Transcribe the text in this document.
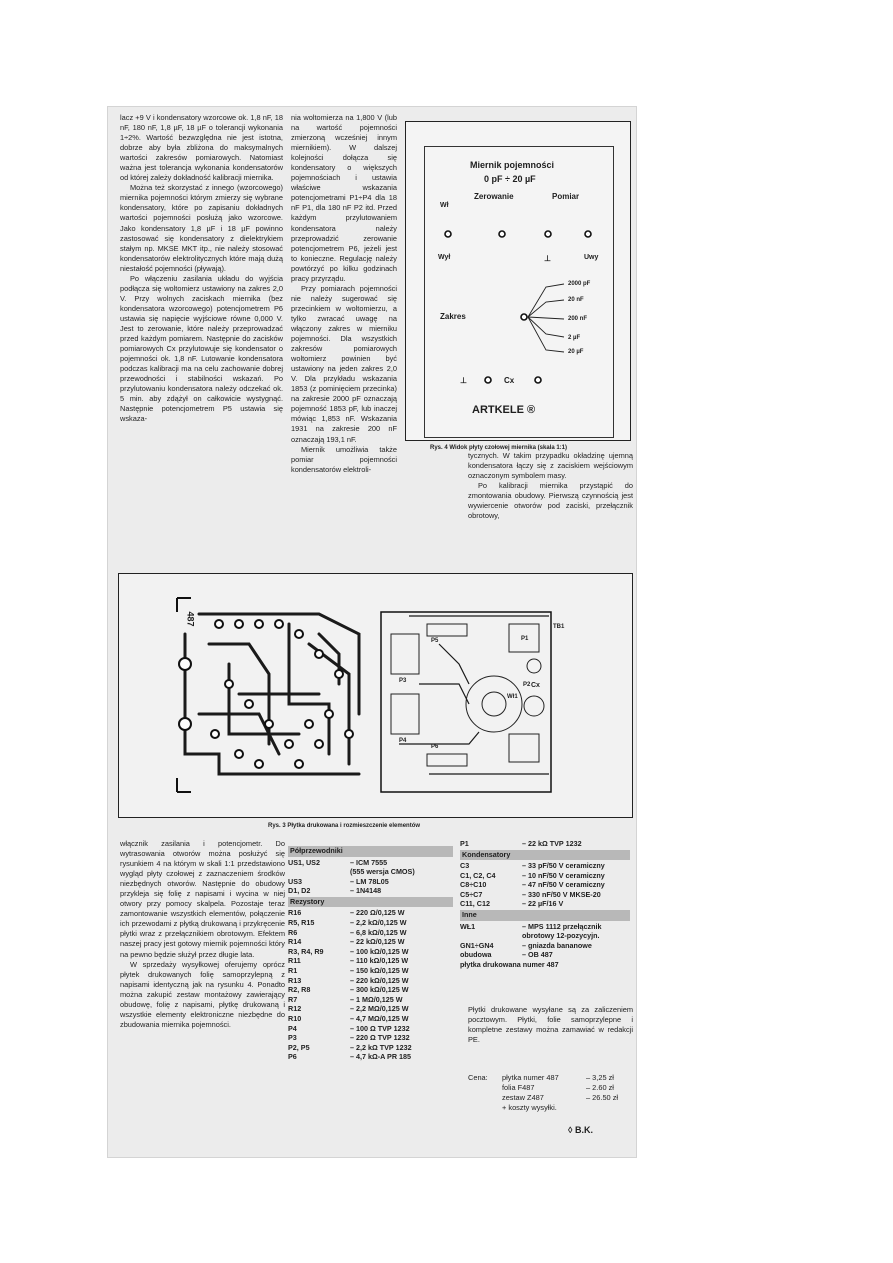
lacz +9 V i kondensatory wzorcowe ok. 1,8 nF, 18 nF, 180 nF, 1,8 µF, 18 µF o tolerancji wykonania 1÷2%. Wartość bezwzględna nie jest istotna, dobrze aby była zbliżona do maksymalnych wartości zakresów pomiarowych. Natomiast ważna jest tolerancja wykonania kondensatorów od której zależy dokładność kalibracji miernika.

Można też skorzystać z innego (wzorcowego) miernika pojemności którym zmierzy się wybrane kondensatory, które po zapisaniu dokładnych wartości pojemności posłużą jako wzorcowe. Jako kondensatory 1,8 µF i 18 µF powinno zastosować się kondensatory z dielektrykiem stałym np. MKSE MKT itp., nie należy stosować kondensatorów elektrolitycznych które mają dużą niestałość pojemności (pływają).

Po włączeniu zasilania układu do wyjścia podłącza się woltomierz ustawiony na zakres 2,0 V. Przy wolnych zaciskach miernika (bez kondensatora wzorcowego) potencjometrem P6 ustawia się napięcie wyjściowe równe 0,000 V. Jest to zerowanie, które należy przeprowadzać przed każdym pomiarem. Następnie do zacisków pomiarowych Cx przylutowuje się kondensator o pojemności ok. 1,8 nF. Lutowanie kondensatora podczas kalibracji ma na celu zachowanie dobrej przewodności i stabilności wskazań. Po przylutowaniu kondensatora należy odczekać ok. 5 min. aby zdążył on całkowicie wystygnąć. Następnie potencjometrem P5 ustawia się wskaza-

nia woltomierza na 1,800 V (lub na wartość pojemności zmierzoną wcześniej innym miernikiem). W dalszej kolejności dołącza się kondensatory o większych pojemnościach i ustawia właściwe wskazania potencjometrami P1÷P4 dla 18 nF P1, dla 180 nF P2 itd. Przed każdym przylutowaniem kondensatora należy przeprowadzić zerowanie potencjometrem P6, jeżeli jest to konieczne. Regulację należy powtórzyć po kilku godzinach pracy przyrządu.

Przy pomiarach pojemności nie należy sugerować się przecinkiem w woltomierzu, a tylko zwracać uwagę na włączony zakres w mierniku pojemności. Dla wszystkich zakresów pomiarowych woltomierz powinien być ustawiony na jeden zakres 2,0 V. Dla przykładu wskazania 1853 (z pominięciem przecinka) na zakresie 2000 pF oznaczają pojemność 1853 pF, lub inaczej mówiąc 1,853 nF. Wskazania 1931 na zakresie 200 nF oznaczają 193,1 nF.

Miernik umożliwia także pomiar pojemności kondensatorów elektroli-

Miernik pojemności
0 pF ÷ 20 µF
Zerowanie	Pomiar
Wł
Wył	⊥	Uwy
Zakres
2000 pF
20 nF
200 nF
2 µF
20 µF
⊥	Cx
ARTKELE ®
Rys. 4 Widok płyty czołowej miernika (skala 1:1)

tycznych. W takim przypadku okładzinę ujemną kondensatora łączy się z zaciskiem wejściowym oznaczonym symbolem masy.

Po kalibracji miernika przystąpić do zmontowania obudowy. Pierwszą czynnością jest wywiercenie otworów pod zaciski, przełącznik obrotowy,

487
P1
P2
P3
P4
P5
P6
Wł1
Cx
TB1
Rys. 3 Płytka drukowana i rozmieszczenie elementów

włącznik zasilania i potencjometr. Do wytrasowania otworów można posłużyć się rysunkiem 4 na którym w skali 1:1 przedstawiono wygląd płyty czołowej z zaznaczeniem środków niezbędnych otworów. Następnie do obudowy przykleja się folię z napisami i wycina w niej otwory przy pomocy skalpela. Pozostaje teraz zamontowanie wszystkich elementów, połączenie ich przewodami z płytką drukowaną i przykręcenie płytki wraz z przełącznikiem obrotowym. Efektem naszej pracy jest gotowy miernik pojemności który na pewno będzie służył przez długie lata.

W sprzedaży wysyłkowej oferujemy oprócz płytek drukowanych folię samoprzylepną z napisami identyczną jak na rysunku 4. Ponadto można zakupić zestaw montażowy zawierający obudowę, folię z napisami, płytkę drukowaną i wszystkie elementy elektroniczne niezbędne do zbudowania miernika pojemności.

Półprzewodniki
US1, US2	– ICM 7555
(555 wersja CMOS)
US3	– LM 78L05
D1, D2	– 1N4148
Rezystory
R16	– 220 Ω/0,125 W
R5, R15	– 2,2 kΩ/0,125 W
R6	– 6,8 kΩ/0,125 W
R14	– 22 kΩ/0,125 W
R3, R4, R9	– 100 kΩ/0,125 W
R11	– 110 kΩ/0,125 W
R1	– 150 kΩ/0,125 W
R13	– 220 kΩ/0,125 W
R2, R8	– 300 kΩ/0,125 W
R7	– 1 MΩ/0,125 W
R12	– 2,2 MΩ/0,125 W
R10	– 4,7 MΩ/0,125 W
P4	– 100 Ω TVP 1232
P3	– 220 Ω TVP 1232
P2, P5	– 2,2 kΩ TVP 1232
P6	– 4,7 kΩ-A PR 185
P1	– 22 kΩ TVP 1232
Kondensatory
C3	– 33 pF/50 V ceramiczny
C1, C2, C4	– 10 nF/50 V ceramiczny
C8÷C10	– 47 nF/50 V ceramiczny
C5÷C7	– 330 nF/50 V MKSE-20
C11, C12	– 22 µF/16 V
Inne
WŁ1	– MPS 1112 przełącznik
obrotowy 12-pozycyjn.
GN1÷GN4	– gniazda bananowe
obudowa	– OB 487
płytka drukowana numer 487

Płytki drukowane wysyłane są za zaliczeniem pocztowym. Płytki, folie samoprzylepne i kompletne zestawy można zamawiać w redakcji PE.

Cena: płytka numer 487	– 3,25 zł
folia F487	– 2.60 zł
zestaw Z487	– 26.50 zł
+ koszty wysyłki.
◊ B.K.
